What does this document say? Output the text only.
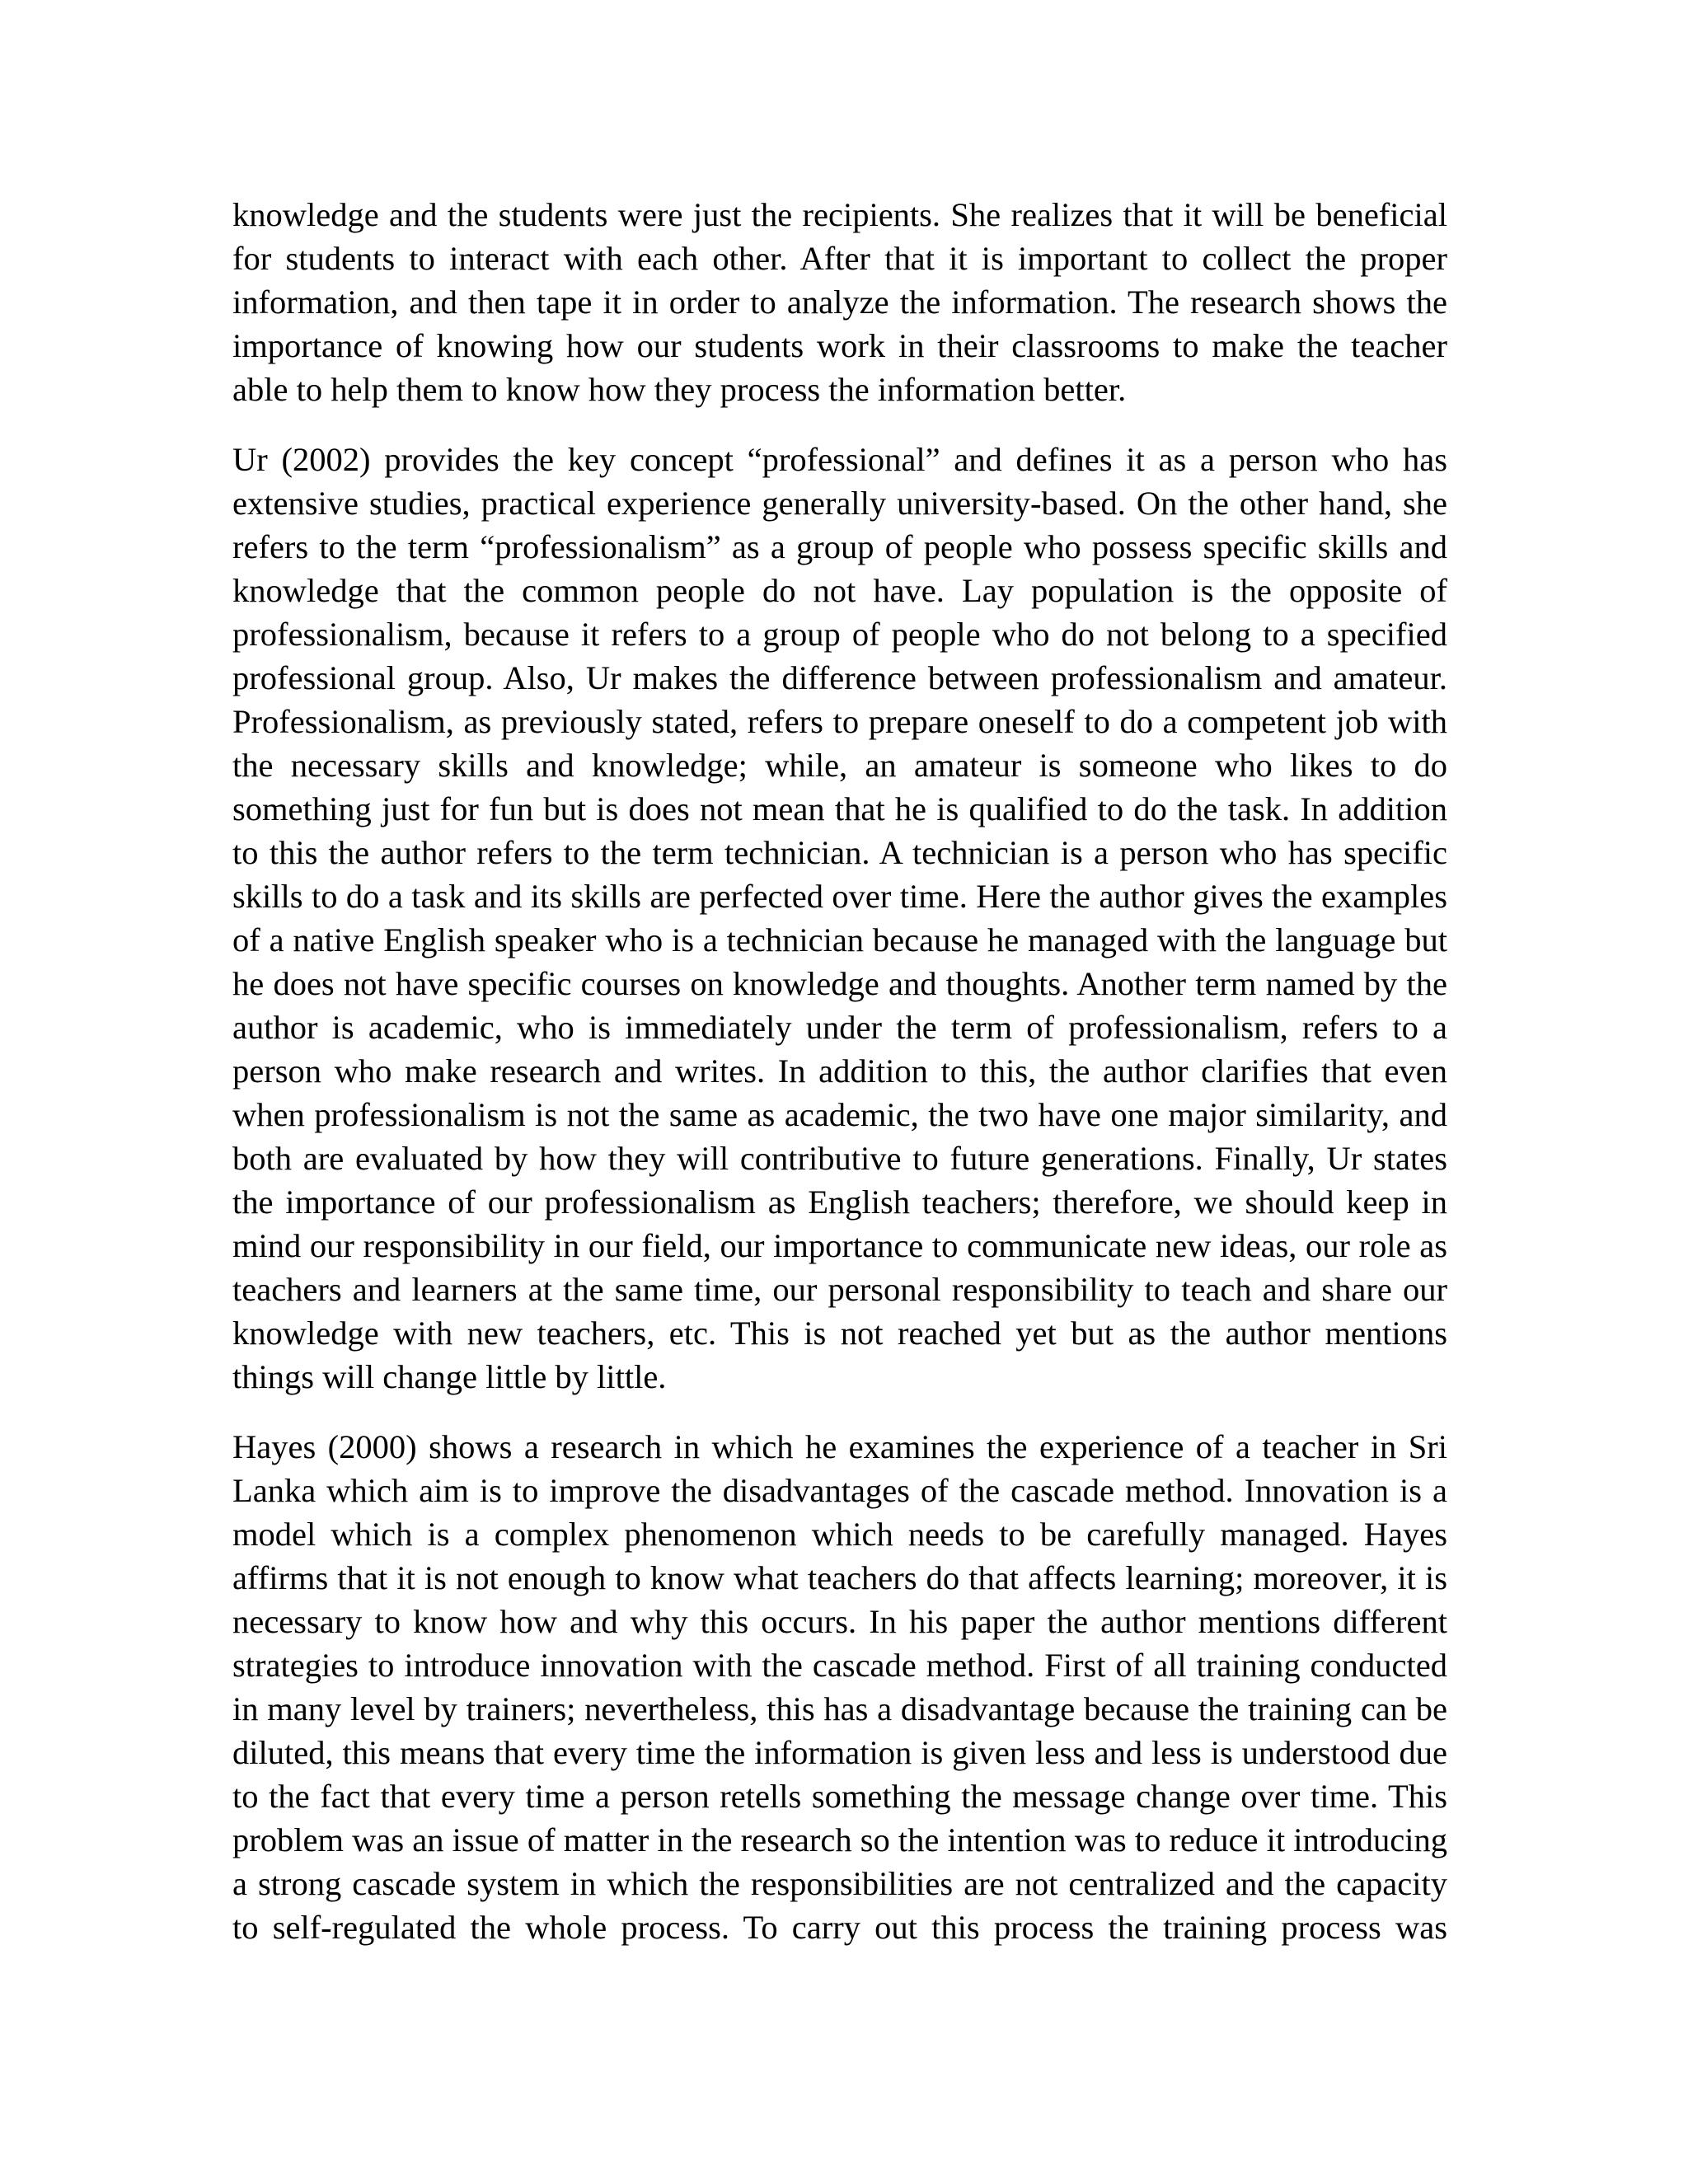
knowledge and the students were just the recipients. She realizes that it will be beneficial for students to interact with each other. After that it is important to collect the proper information, and then tape it in order to analyze the information. The research shows the importance of knowing how our students work in their classrooms to make the teacher able to help them to know how they process the information better.

Ur (2002) provides the key concept “professional” and defines it as a person who has extensive studies, practical experience generally university-based. On the other hand, she refers to the term “professionalism” as a group of people who possess specific skills and knowledge that the common people do not have. Lay population is the opposite of professionalism, because it refers to a group of people who do not belong to a specified professional group. Also, Ur makes the difference between professionalism and amateur. Professionalism, as previously stated, refers to prepare oneself to do a competent job with the necessary skills and knowledge; while, an amateur is someone who likes to do something just for fun but is does not mean that he is qualified to do the task. In addition to this the author refers to the term technician. A technician is a person who has specific skills to do a task and its skills are perfected over time. Here the author gives the examples of a native English speaker who is a technician because he managed with the language but he does not have specific courses on knowledge and thoughts. Another term named by the author is academic, who is immediately under the term of professionalism, refers to a person who make research and writes. In addition to this, the author clarifies that even when professionalism is not the same as academic, the two have one major similarity, and both are evaluated by how they will contributive to future generations. Finally, Ur states the importance of our professionalism as English teachers; therefore, we should keep in mind our responsibility in our field, our importance to communicate new ideas, our role as teachers and learners at the same time, our personal responsibility to teach and share our knowledge with new teachers, etc. This is not reached yet but as the author mentions things will change little by little.

Hayes (2000) shows a research in which he examines the experience of a teacher in Sri Lanka which aim is to improve the disadvantages of the cascade method. Innovation is a model which is a complex phenomenon which needs to be carefully managed. Hayes affirms that it is not enough to know what teachers do that affects learning; moreover, it is necessary to know how and why this occurs. In his paper the author mentions different strategies to introduce innovation with the cascade method. First of all training conducted in many level by trainers; nevertheless, this has a disadvantage because the training can be diluted, this means that every time the information is given less and less is understood due to the fact that every time a person retells something the message change over time. This problem was an issue of matter in the research so the intention was to reduce it introducing a strong cascade system in which the responsibilities are not centralized and the capacity to self-regulated the whole process. To carry out this process the training process was
